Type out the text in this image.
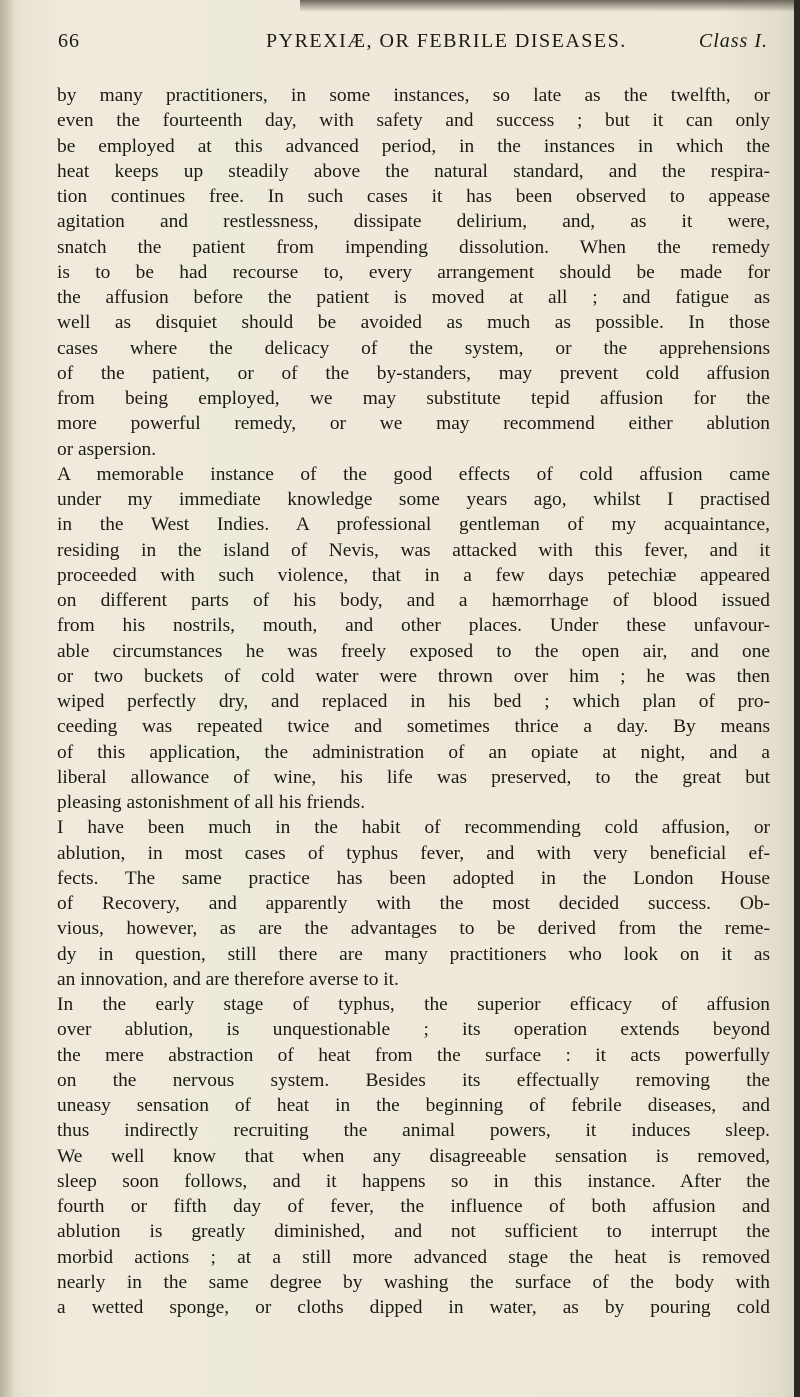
66	PYREXIÆ, OR FEBRILE DISEASES.	Class I.

by many practitioners, in some instances, so late as the twelfth, or
even the fourteenth day, with safety and success ; but it can only
be employed at this advanced period, in the instances in which the
heat keeps up steadily above the natural standard, and the respira-
tion continues free. In such cases it has been observed to appease
agitation and restlessness, dissipate delirium, and, as it were,
snatch the patient from impending dissolution. When the remedy
is to be had recourse to, every arrangement should be made for
the affusion before the patient is moved at all ; and fatigue as
well as disquiet should be avoided as much as possible. In those
cases where the delicacy of the system, or the apprehensions
of the patient, or of the by-standers, may prevent cold affusion
from being employed, we may substitute tepid affusion for the
more powerful remedy, or we may recommend either ablution
or aspersion.

A memorable instance of the good effects of cold affusion came
under my immediate knowledge some years ago, whilst I practised
in the West Indies. A professional gentleman of my acquaintance,
residing in the island of Nevis, was attacked with this fever, and it
proceeded with such violence, that in a few days petechiæ appeared
on different parts of his body, and a hæmorrhage of blood issued
from his nostrils, mouth, and other places. Under these unfavour-
able circumstances he was freely exposed to the open air, and one
or two buckets of cold water were thrown over him ; he was then
wiped perfectly dry, and replaced in his bed ; which plan of pro-
ceeding was repeated twice and sometimes thrice a day. By means
of this application, the administration of an opiate at night, and a
liberal allowance of wine, his life was preserved, to the great but
pleasing astonishment of all his friends.

I have been much in the habit of recommending cold affusion, or
ablution, in most cases of typhus fever, and with very beneficial ef-
fects. The same practice has been adopted in the London House
of Recovery, and apparently with the most decided success. Ob-
vious, however, as are the advantages to be derived from the reme-
dy in question, still there are many practitioners who look on it as
an innovation, and are therefore averse to it.

In the early stage of typhus, the superior efficacy of affusion
over ablution, is unquestionable ; its operation extends beyond
the mere abstraction of heat from the surface : it acts powerfully
on the nervous system. Besides its effectually removing the
uneasy sensation of heat in the beginning of febrile diseases, and
thus indirectly recruiting the animal powers, it induces sleep.
We well know that when any disagreeable sensation is removed,
sleep soon follows, and it happens so in this instance. After the
fourth or fifth day of fever, the influence of both affusion and
ablution is greatly diminished, and not sufficient to interrupt the
morbid actions ; at a still more advanced stage the heat is removed
nearly in the same degree by washing the surface of the body with
a wetted sponge, or cloths dipped in water, as by pouring cold
